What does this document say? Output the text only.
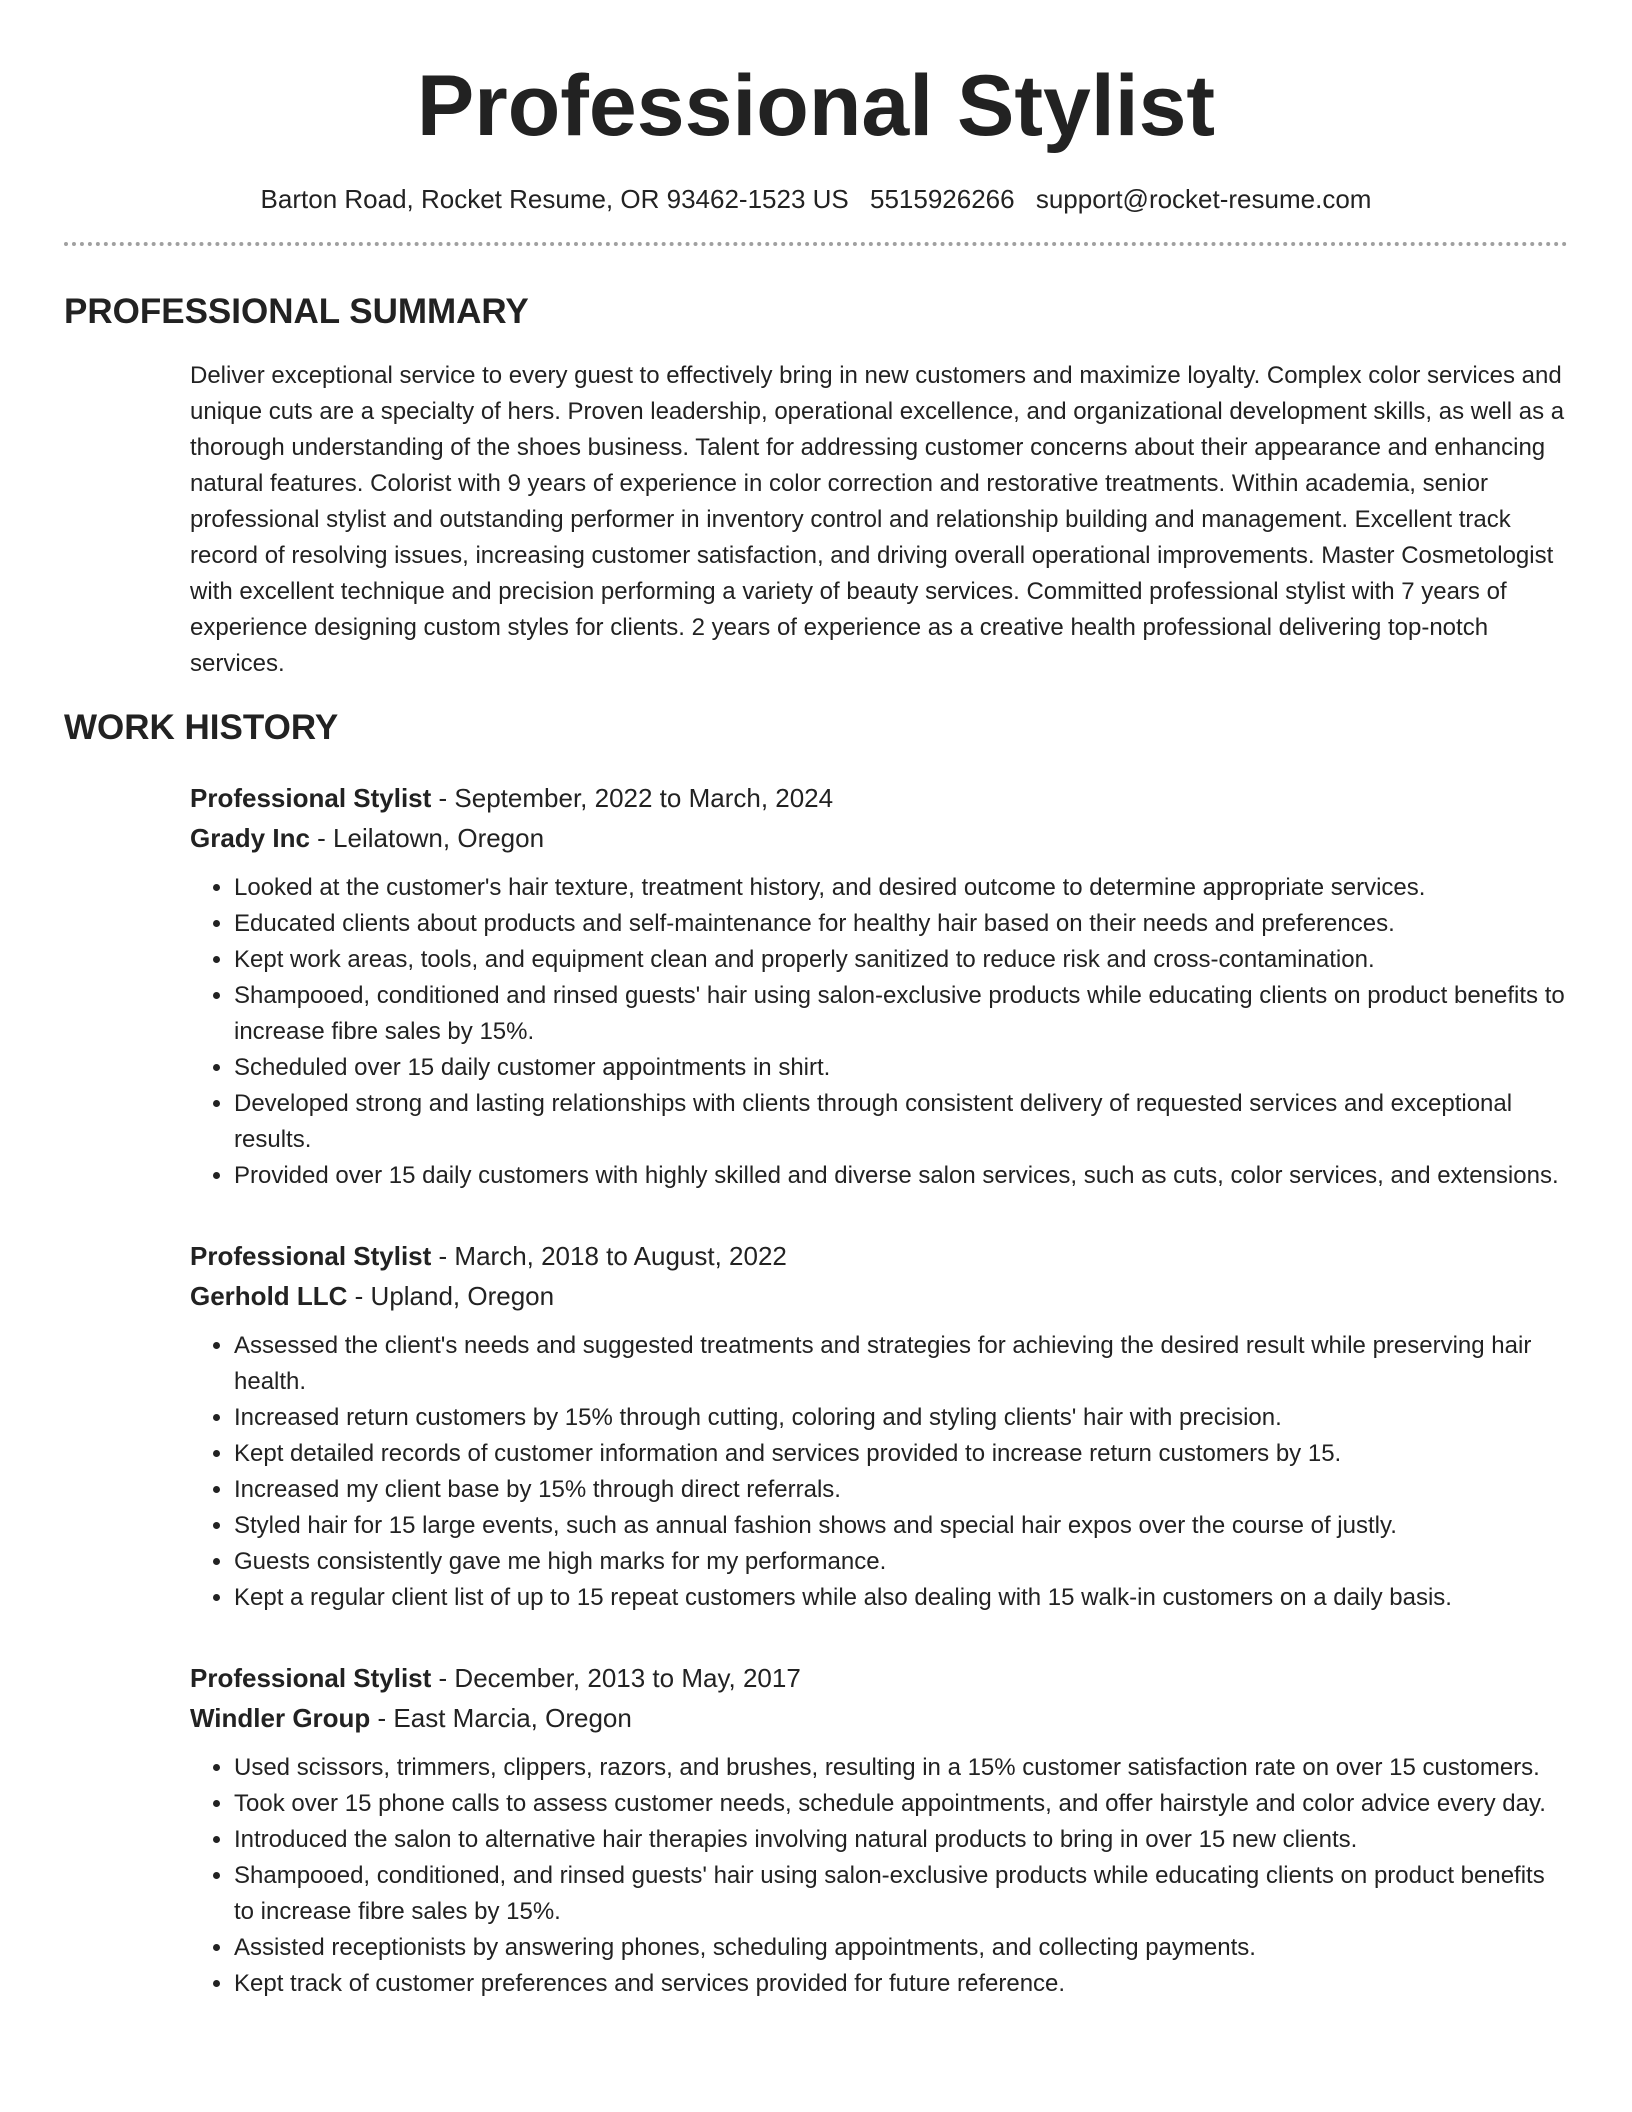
Professional Stylist
Barton Road, Rocket Resume, OR 93462-1523 US 5515926266 support@rocket-resume.com
PROFESSIONAL SUMMARY

Deliver exceptional service to every guest to effectively bring in new customers and maximize loyalty. Complex color services and unique cuts are a specialty of hers. Proven leadership, operational excellence, and organizational development skills, as well as a thorough understanding of the shoes business. Talent for addressing customer concerns about their appearance and enhancing natural features. Colorist with 9 years of experience in color correction and restorative treatments. Within academia, senior professional stylist and outstanding performer in inventory control and relationship building and management. Excellent track record of resolving issues, increasing customer satisfaction, and driving overall operational improvements. Master Cosmetologist with excellent technique and precision performing a variety of beauty services. Committed professional stylist with 7 years of experience designing custom styles for clients. 2 years of experience as a creative health professional delivering top-notch services.

WORK HISTORY
Professional Stylist - September, 2022 to March, 2024
Grady Inc - Leilatown, Oregon
• Looked at the customer's hair texture, treatment history, and desired outcome to determine appropriate services.
• Educated clients about products and self-maintenance for healthy hair based on their needs and preferences.
• Kept work areas, tools, and equipment clean and properly sanitized to reduce risk and cross-contamination.
• Shampooed, conditioned and rinsed guests' hair using salon-exclusive products while educating clients on product benefits to increase fibre sales by 15%.
• Scheduled over 15 daily customer appointments in shirt.
• Developed strong and lasting relationships with clients through consistent delivery of requested services and exceptional results.
• Provided over 15 daily customers with highly skilled and diverse salon services, such as cuts, color services, and extensions.
Professional Stylist - March, 2018 to August, 2022
Gerhold LLC - Upland, Oregon
• Assessed the client's needs and suggested treatments and strategies for achieving the desired result while preserving hair health.
• Increased return customers by 15% through cutting, coloring and styling clients' hair with precision.
• Kept detailed records of customer information and services provided to increase return customers by 15.
• Increased my client base by 15% through direct referrals.
• Styled hair for 15 large events, such as annual fashion shows and special hair expos over the course of justly.
• Guests consistently gave me high marks for my performance.
• Kept a regular client list of up to 15 repeat customers while also dealing with 15 walk-in customers on a daily basis.
Professional Stylist - December, 2013 to May, 2017
Windler Group - East Marcia, Oregon
• Used scissors, trimmers, clippers, razors, and brushes, resulting in a 15% customer satisfaction rate on over 15 customers.
• Took over 15 phone calls to assess customer needs, schedule appointments, and offer hairstyle and color advice every day.
• Introduced the salon to alternative hair therapies involving natural products to bring in over 15 new clients.
• Shampooed, conditioned, and rinsed guests' hair using salon-exclusive products while educating clients on product benefits to increase fibre sales by 15%.
• Assisted receptionists by answering phones, scheduling appointments, and collecting payments.
• Kept track of customer preferences and services provided for future reference.
